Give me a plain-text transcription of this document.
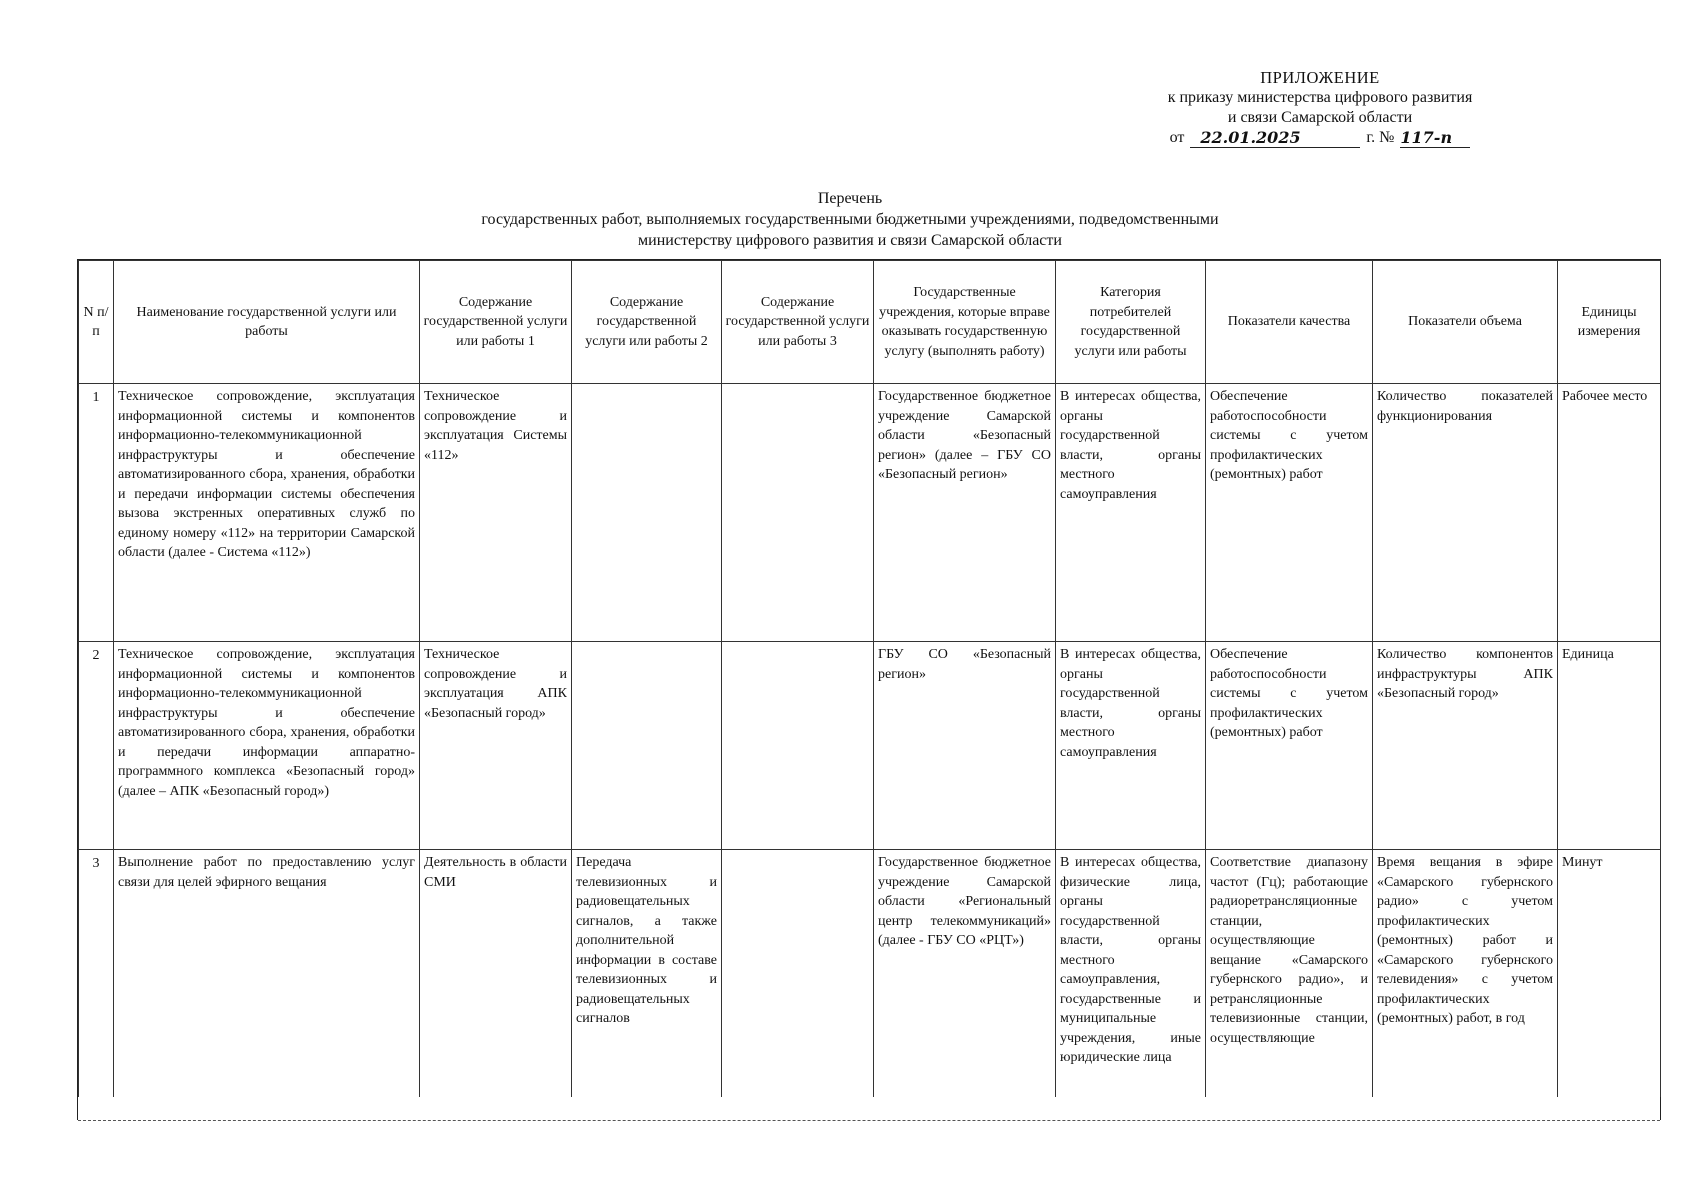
ПРИЛОЖЕНИЕ
к приказу министерства цифрового развития
и связи Самарской области
от	22.01.2025	г. № 117-п
Перечень
государственных работ, выполняемых государственными бюджетными учреждениями, подведомственными
министерству цифрового развития и связи Самарской области
N п/п	Наименование государственной услуги или работы	Содержание государственной услуги или работы 1	Содержание государственной услуги или работы 2	Содержание государственной услуги или работы 3	Государственные учреждения, которые вправе оказывать государственную услугу (выполнять работу)	Категория потребителей государственной услуги или работы	Показатели качества	Показатели объема	Единицы измерения
1	Техническое сопровождение, эксплуатация информационной системы и компонентов информационно-телекоммуникационной инфраструктуры и обеспечение автоматизированного сбора, хранения, обработки и передачи информации системы обеспечения вызова экстренных оперативных служб по единому номеру «112» на территории Самарской области (далее - Система «112»)	Техническое сопровождение и эксплуатация Системы «112»			Государственное бюджетное учреждение Самарской области «Безопасный регион» (далее – ГБУ СО «Безопасный регион»	В интересах общества, органы государственной власти, органы местного самоуправления	Обеспечение работоспособности системы с учетом профилактических (ремонтных) работ	Количество показателей функционирования	Рабочее место
2	Техническое сопровождение, эксплуатация информационной системы и компонентов информационно-телекоммуникационной инфраструктуры и обеспечение автоматизированного сбора, хранения, обработки и передачи информации аппаратно-программного комплекса «Безопасный город» (далее – АПК «Безопасный город»)	Техническое сопровождение и эксплуатация АПК «Безопасный город»			ГБУ СО «Безопасный регион»	В интересах общества, органы государственной власти, органы местного самоуправления	Обеспечение работоспособности системы с учетом профилактических (ремонтных) работ	Количество компонентов инфраструктуры АПК «Безопасный город»	Единица
3	Выполнение работ по предоставлению услуг связи для целей эфирного вещания	Деятельность в области СМИ	Передача телевизионных и радиовещательных сигналов, а также дополнительной информации в составе телевизионных и радиовещательных сигналов		Государственное бюджетное учреждение Самарской области «Региональный центр телекоммуникаций» (далее - ГБУ СО «РЦТ»)	В интересах общества, физические лица, органы государственной власти, органы местного самоуправления, государственные и муниципальные учреждения, иные юридические лица	Соответствие диапазону частот (Гц); работающие радиоретрансляционные станции, осуществляющие вещание «Самарского губернского радио», и ретрансляционные телевизионные станции, осуществляющие	Время вещания в эфире «Самарского губернского радио» с учетом профилактических (ремонтных) работ и «Самарского губернского телевидения» с учетом профилактических (ремонтных) работ, в год	Минут
